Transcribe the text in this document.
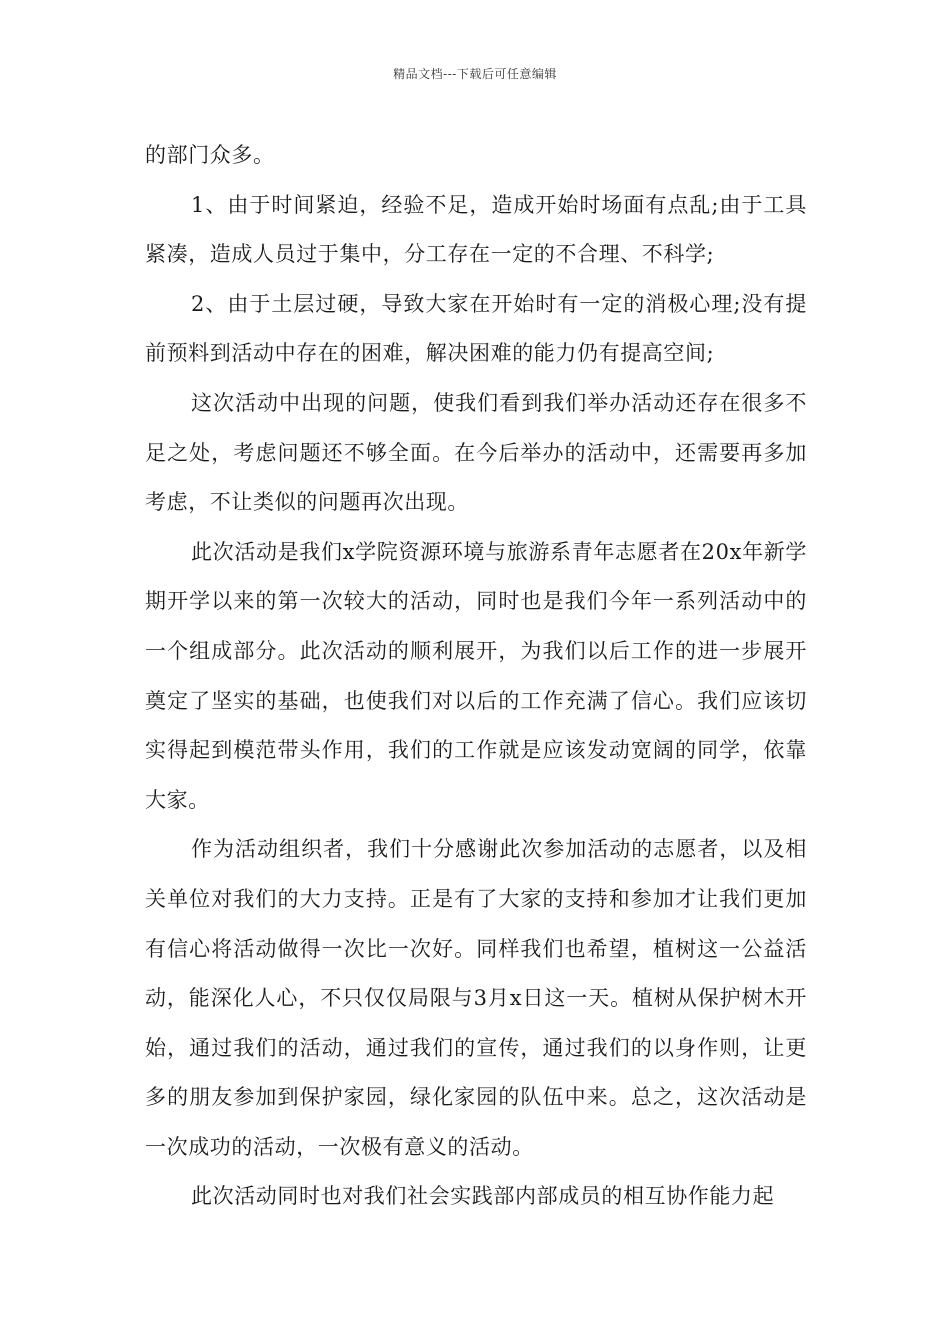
精品文档---下载后可任意编辑

的部门众多。

1、由于时间紧迫，经验不足，造成开始时场面有点乱;由于工具紧凑，造成人员过于集中，分工存在一定的不合理、不科学;

2、由于土层过硬，导致大家在开始时有一定的消极心理;没有提前预料到活动中存在的困难，解决困难的能力仍有提高空间;

这次活动中出现的问题，使我们看到我们举办活动还存在很多不足之处，考虑问题还不够全面。在今后举办的活动中，还需要再多加考虑，不让类似的问题再次出现。

此次活动是我们x学院资源环境与旅游系青年志愿者在20x年新学期开学以来的第一次较大的活动，同时也是我们今年一系列活动中的一个组成部分。此次活动的顺利展开，为我们以后工作的进一步展开奠定了坚实的基础，也使我们对以后的工作充满了信心。我们应该切实得起到模范带头作用，我们的工作就是应该发动宽阔的同学，依靠大家。

作为活动组织者，我们十分感谢此次参加活动的志愿者，以及相关单位对我们的大力支持。正是有了大家的支持和参加才让我们更加有信心将活动做得一次比一次好。同样我们也希望，植树这一公益活动，能深化人心，不只仅仅局限与3月x日这一天。植树从保护树木开始，通过我们的活动，通过我们的宣传，通过我们的以身作则，让更多的朋友参加到保护家园，绿化家园的队伍中来。总之，这次活动是一次成功的活动，一次极有意义的活动。

此次活动同时也对我们社会实践部内部成员的相互协作能力起
